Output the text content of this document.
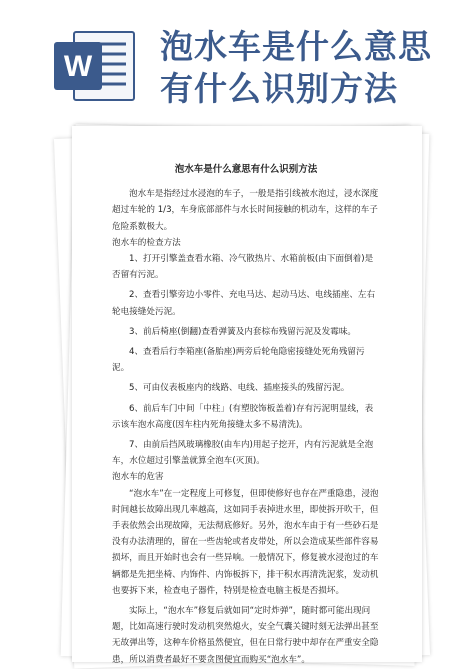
W
泡水车是什么意思
有什么识别方法
泡水车是什么意思有什么识别方法

泡水车是指经过水浸泡的车子，一般是指引线被水泡过，浸水深度超过车轮的 1/3，车身底部部件与水长时间接触的机动车，这样的车子危险系数极大。

泡水车的检查方法

1、打开引擎盖查看水箱、冷气散热片、水箱前板(由下面倒着)是否留有污泥。

2、查看引擎旁边小零件、充电马达、起动马达、电线插座、左右轮电接缝处污泥。

3、前后椅座(倒翻)查看弹簧及内套棕布残留污泥及发霉味。

4、查看后行李箱座(备胎座)两旁后轮龟隐密接缝处死角残留污泥。

5、可由仪表板座内的线路、电线、插座接头的残留污泥。

6、前后车门中间「中柱」(有塑胶饰板盖着)存有污泥明显线，表示该车泡水高度(因车柱内死角接缝太多不易清洗)。

7、由前后挡风玻璃橡胶(由车内)用起子挖开，内有污泥就是全泡车，水位超过引擎盖就算全泡车(灭顶)。

泡水车的危害

“泡水车”在一定程度上可修复，但即使修好也存在严重隐患，浸泡时间越长故障出现几率越高，这如同手表掉进水里，即使拆开吹干，但手表依然会出现故障，无法彻底修好。另外，泡水车由于有一些砂石是没有办法清理的，留在一些齿轮或者皮带处，所以会造成某些部件容易损坏，而且开始时也会有一些异响。一般情况下，修复被水浸泡过的车辆都是先把坐椅、内饰件、内饰板拆下，排干积水再清洗泥浆，发动机也要拆下来，检查电子器件，特别是检查电脑主板是否损坏。

实际上，“泡水车”修复后就如同“定时炸弹”，随时都可能出现问题，比如高速行驶时发动机突然熄火，安全气囊关键时刻无法弹出甚至无故弹出等，这种车价格虽然便宜，但在日常行驶中却存在严重安全隐患，所以消费者最好不要贪图便宜而购买“泡水车”。
